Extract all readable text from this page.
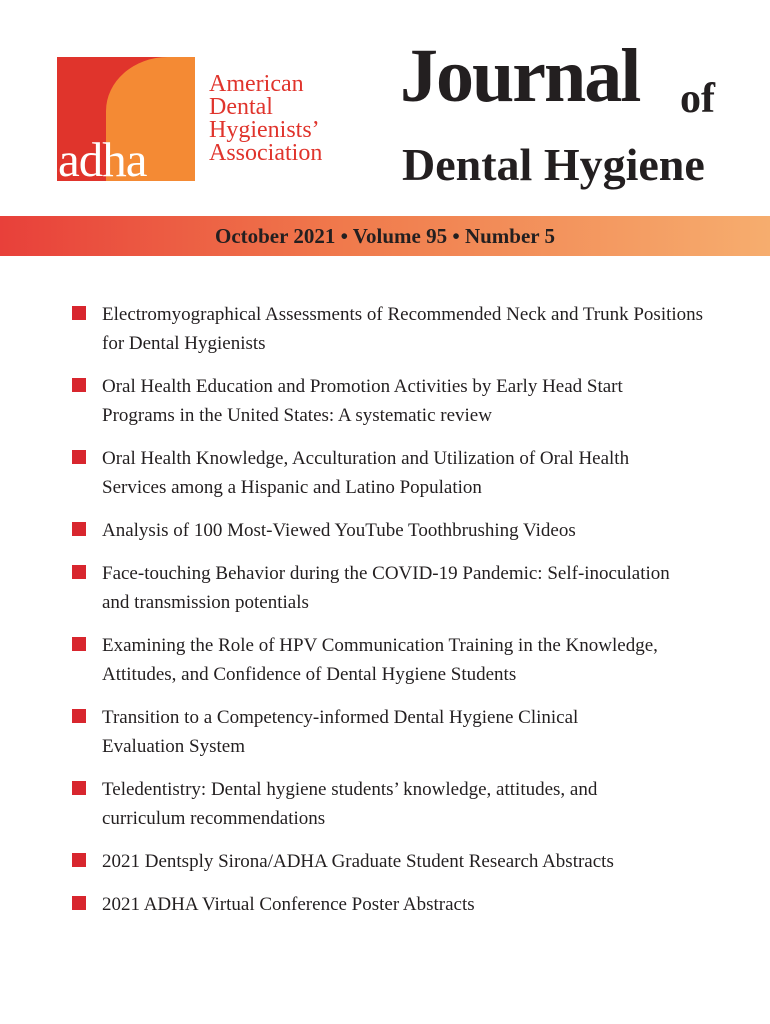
adha
American
Dental
Hygienists’
Association
Journal of
Dental Hygiene
October 2021 • Volume 95 • Number 5
Electromyographical Assessments of Recommended Neck and Trunk Positions
for Dental Hygienists
Oral Health Education and Promotion Activities by Early Head Start
Programs in the United States: A systematic review
Oral Health Knowledge, Acculturation and Utilization of Oral Health
Services among a Hispanic and Latino Population
Analysis of 100 Most-Viewed YouTube Toothbrushing Videos
Face-touching Behavior during the COVID-19 Pandemic: Self-inoculation
and transmission potentials
Examining the Role of HPV Communication Training in the Knowledge,
Attitudes, and Confidence of Dental Hygiene Students
Transition to a Competency-informed Dental Hygiene Clinical
Evaluation System
Teledentistry: Dental hygiene students’ knowledge, attitudes, and
curriculum recommendations
2021 Dentsply Sirona/ADHA Graduate Student Research Abstracts
2021 ADHA Virtual Conference Poster Abstracts
